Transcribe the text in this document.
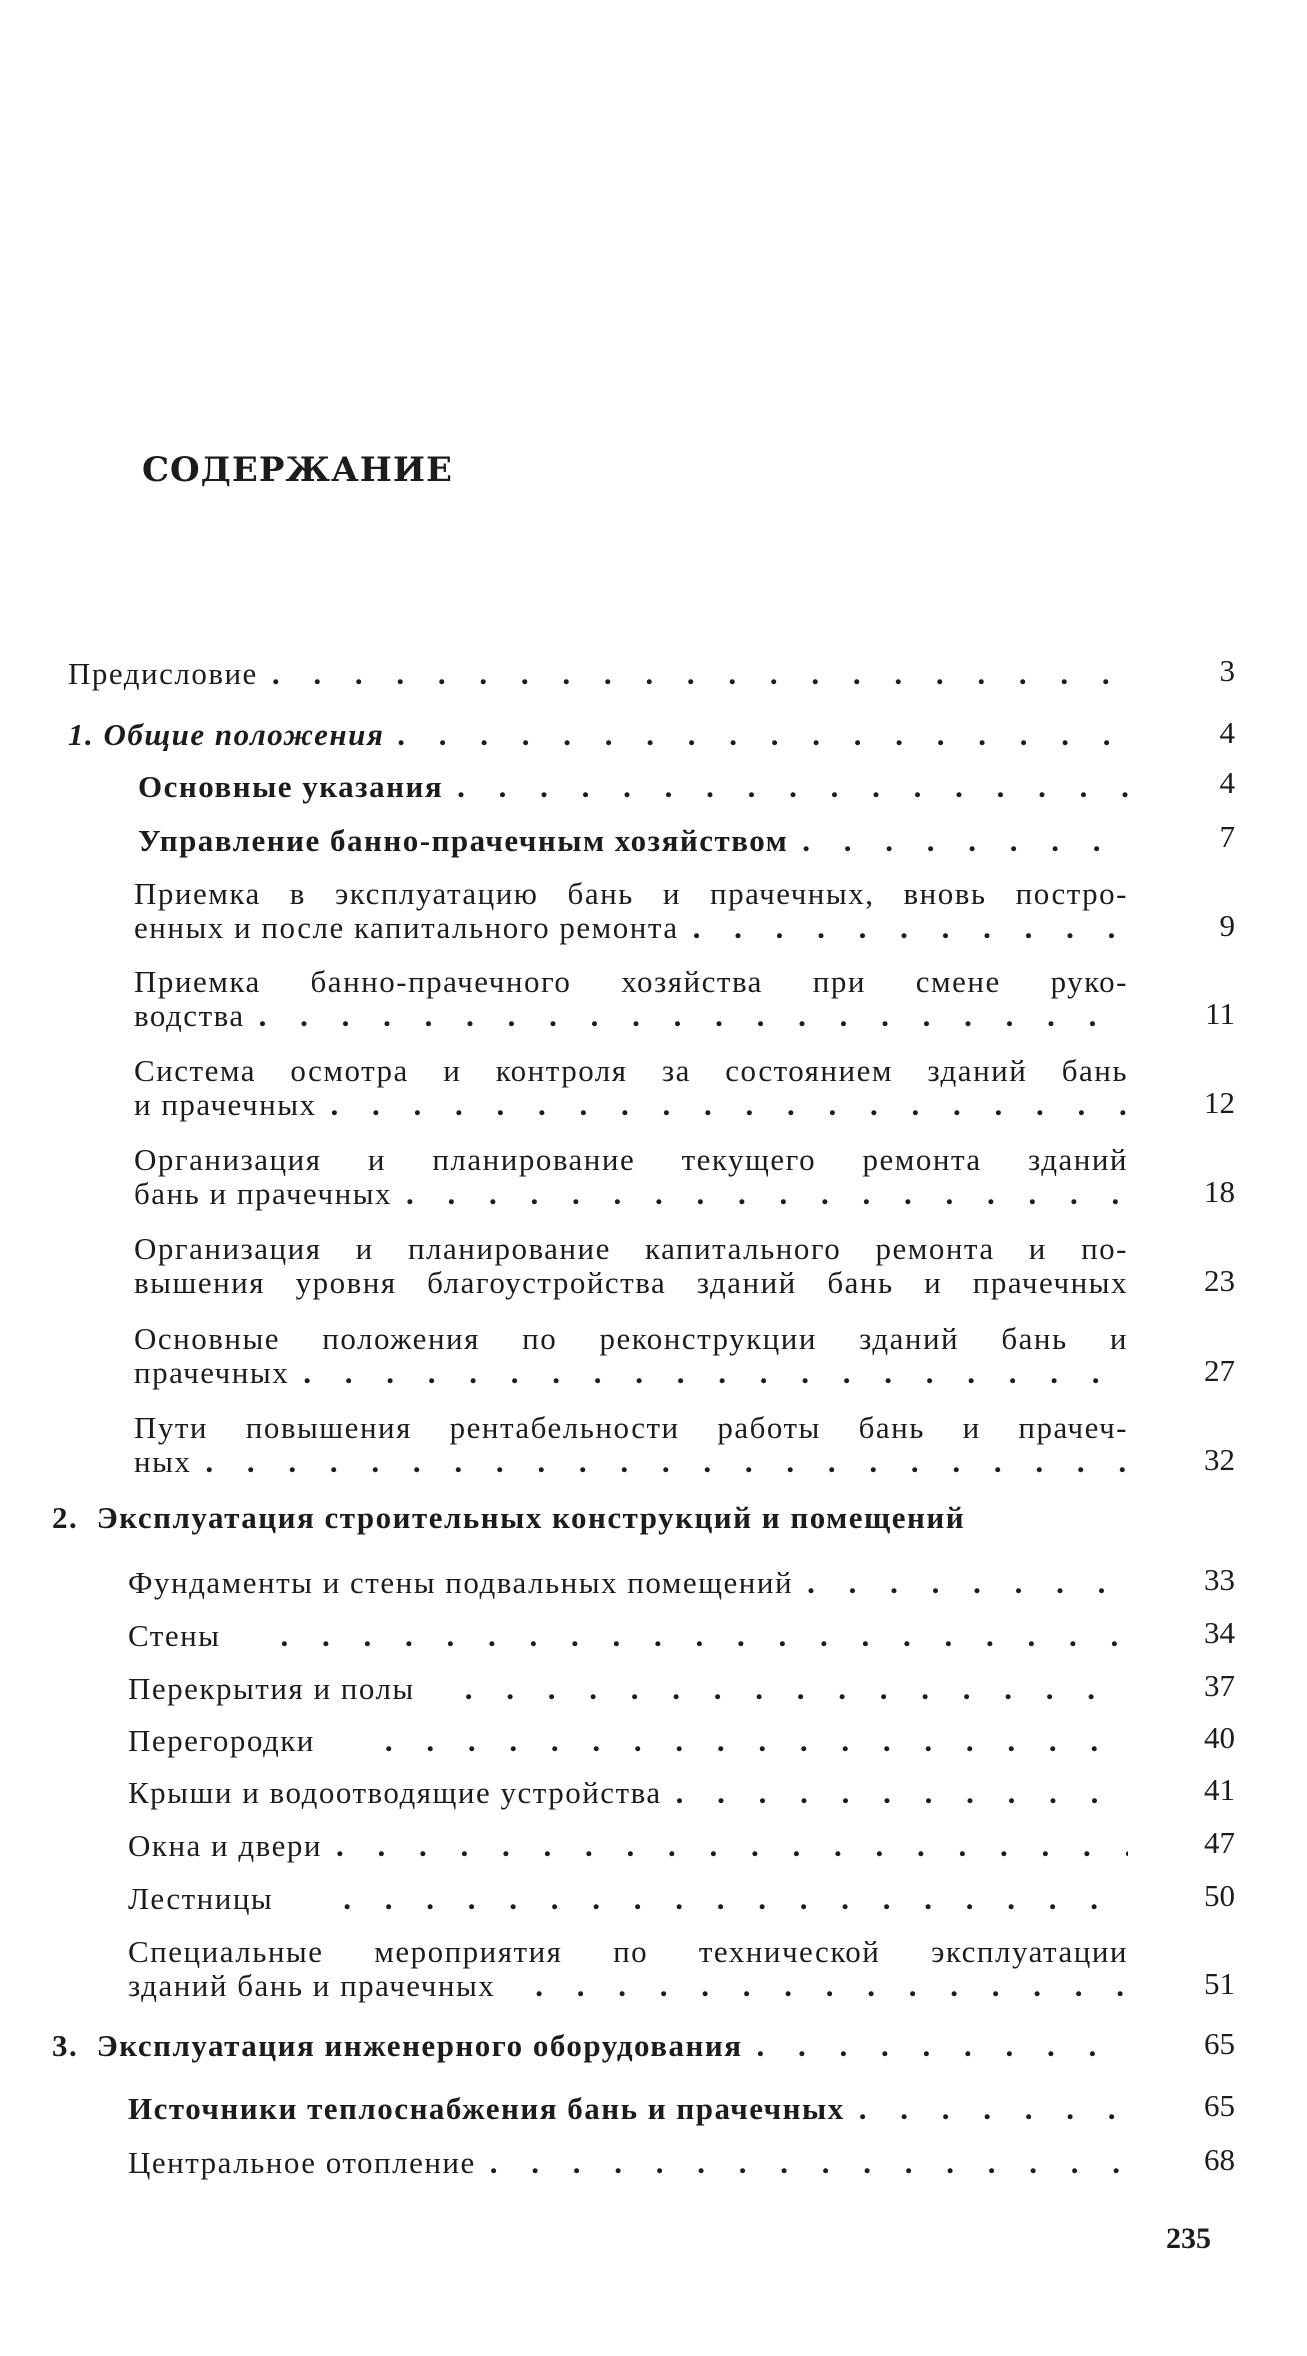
СОДЕРЖАНИЕ
Предисловие . . .	3
1. Общие положения . . .	4
Основные указания . . .	4
Управление банно-прачечным хозяйством . . .	7
Приемка в эксплуатацию бань и прачечных, вновь постро-
енных и после капитального ремонта . . .	9
Приемка банно-прачечного хозяйства при смене руко-
водства . . .	11
Система осмотра и контроля за состоянием зданий бань
и прачечных . . .	12
Организация и планирование текущего ремонта зданий
бань и прачечных . . .	18
Организация и планирование капитального ремонта и по-
вышения уровня благоустройства зданий бань и прачечных	23
Основные положения по реконструкции зданий бань и
прачечных . . .	27
Пути повышения рентабельности работы бань и прачеч-
ных . . .	32
2. Эксплуатация строительных конструкций и помещений
Фундаменты и стены подвальных помещений . . .	33
Стены . . .	34
Перекрытия и полы . . .	37
Перегородки . . .	40
Крыши и водоотводящие устройства . . .	41
Окна и двери . . .	47
Лестницы . . .	50
Специальные мероприятия по технической эксплуатации
зданий бань и прачечных . . .	51
3. Эксплуатация инженерного оборудования . . .	65
Источники теплоснабжения бань и прачечных . . .	65
Центральное отопление . . .	68
235
